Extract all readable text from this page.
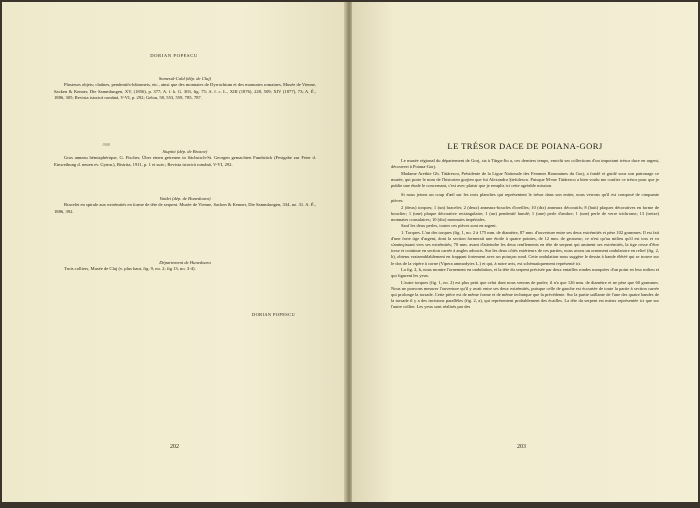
DORIAN POPESCU

Somesul-Cald (dép. de Cluj)

Plusieurs objets; chaînes, pendentifs-bâtonnets, etc., ainsi que des monnaies de Dyrrachium et des monnaies romaines, Musée de Vienne, Sacken & Kenner, Die Sammlungen, XV, (1856), p. 377; A. f. k. G. 303, fig. 75; A. f. c. L., XIII (1876), 228, 509; XIV (1877), 73; A. É., 1886, 305; Revista istorică română, V-VI, p. 292; Gelon, 58, 553, 559, 785, 787.

1908

Stupini (dép. de Brasov)

Gros anneau hémisphérique, G. Fischer, Über einen getreuen in Sächsisch-St. Georgen gemachten Fundstück (Festgabe zur Feier d. Einweihung d. neuen ev. Gymn.), Bistrita, 1911, p. 1 et suiv.; Revista istorică română, V-VI, 292.

Vaidei (dép. de Hunedoara)

Bracelet en spirale aux extrémités en forme de tête de serpent. Musée de Vienne, Sacken & Kenner, Die Sammlungen, 334, no. 31. A. É., 1886, 392.

Département de Hunedoara

Trois colliers, Musée de Cluj (v. plus haut, fig. 9, no. 2; fig 13, no. 3-4).

DORIAN POPESCU
202
LE TRÉSOR DACE DE POIANA-GORJ

Le musée régional du département de Gorj, sis à Târgu-Jiu a, ces derniers temps, enrichi ses collections d'un important trésor dace en argent, découvert à Poiana-Gorj.

Madame Arethie Gh. Tătărescu, Présidente de la Ligue Nationale des Femmes Roumaines du Gorj, a fondé et guidé sous son patronage ce musée, qui porte le nom de l'historien gorjien que fut Alexandru Ştefulescu. Puisque M-me Tătărescu a bien voulu me confier ce trésor pour que je publie une étude le concernant, c'est avec plaisir que je remplis ici cette agréable mission.

Si nous jetons un coup d'œil sur les trois planches qui représentent le trésor dans son entier, nous verrons qu'il est composé de cinquante pièces:

2 (deux) torques; 1 (un) bracelet; 2 (deux) anneaux-boucles d'oreilles; 10 (dix) anneaux décoratifs; 8 (huit) plaques décoratives en forme de bouclier; 1 (une) plaque décorative rectangulaire; 1 (un) pendentif lunulé; 1 (une) perle d'ambre; 1 (une) perle de verre trichrome; 13 (treize) monnaies consulaires; 10 (dix) monnaies impériales.

Sauf les deux perles, toutes ces pièces sont en argent.

1. Torques. L'un des torques (fig. 1, no. 2 à 175 mm. de diamètre, 87 mm. d'ouverture entre ses deux extrémités et pèse 102 grammes. Il est fait d'une forte tige d'argent, dont la section formerait une étoile à quatre pointes, de 12 mm. de grosseur; ce n'est qu'au milieu qu'il est tors et va s'aminçissant vers ses extrémités; 70 mm. avant d'atteindre les deux renflements en tête de serpent qui aminent ses extrémités, la tige cesse d'être torse et continue en section carrée à angles adoucis. Sur les deux côtés extérieurs de ces parties, nous avons un ornement ondulatoire en relief (fig. 2, b), obtenu vraisemblablement en frappant fortement avec un poinçon rond. Cette ondulation nous suggère le dessin à bande élétéé qui se trouve sur le dos de la vipère à corne (Vipera ammodytes L.) et qui, à notre avis, est schématiquement représenté ici.

La fig. 2, b, nous montre l'ornement en ondulation, et la tête du serpent précisée par deux entailles rondes marquées d'un point en leur milieu et qui figurent les yeux.

L'autre torques (fig. 1, no. 2) est plus petit que celui dont nous venons de parler; il n'a que 126 mm. de diamètre et ne pèse que 60 grammes. Nous ne pouvons mesurer l'ouverture qu'il y avait entre ses deux extrémités, puisque celle de gauche est écourtée de toute la partie à section carrée qui prolonge la torsade. Cette pièce est de même forme et de même technique que la précédente. Sur la partie saillante de l'une des quatre bandes de la torsade il y a des incisions parallèles (fig. 2, a), qui représentent probablement des écailles. La tête du serpent est mieux représentée ici que sur l'autre collier. Les yeux sont réalisés par des

203
